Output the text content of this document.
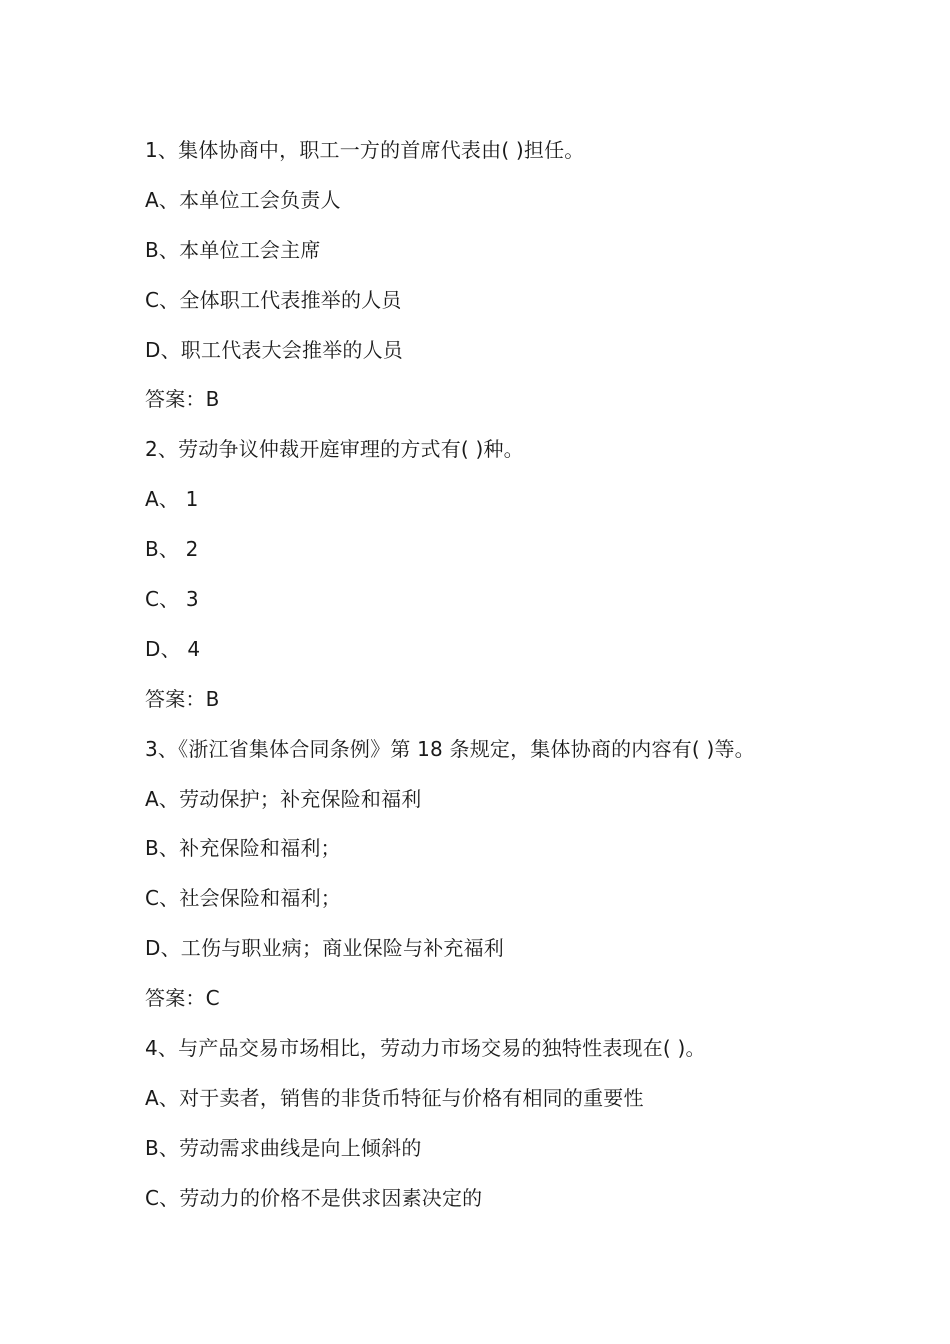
1、集体协商中，职工一方的首席代表由( )担任。
A、本单位工会负责人
B、本单位工会主席
C、全体职工代表推举的人员
D、职工代表大会推举的人员
答案：B
2、劳动争议仲裁开庭审理的方式有( )种。
A、 1
B、 2
C、 3
D、 4
答案：B
3、《浙江省集体合同条例》第 18 条规定，集体协商的内容有( )等。
A、劳动保护；补充保险和福利
B、补充保险和福利；
C、社会保险和福利；
D、工伤与职业病；商业保险与补充福利
答案：C
4、与产品交易市场相比，劳动力市场交易的独特性表现在( )。
A、对于卖者，销售的非货币特征与价格有相同的重要性
B、劳动需求曲线是向上倾斜的
C、劳动力的价格不是供求因素决定的
